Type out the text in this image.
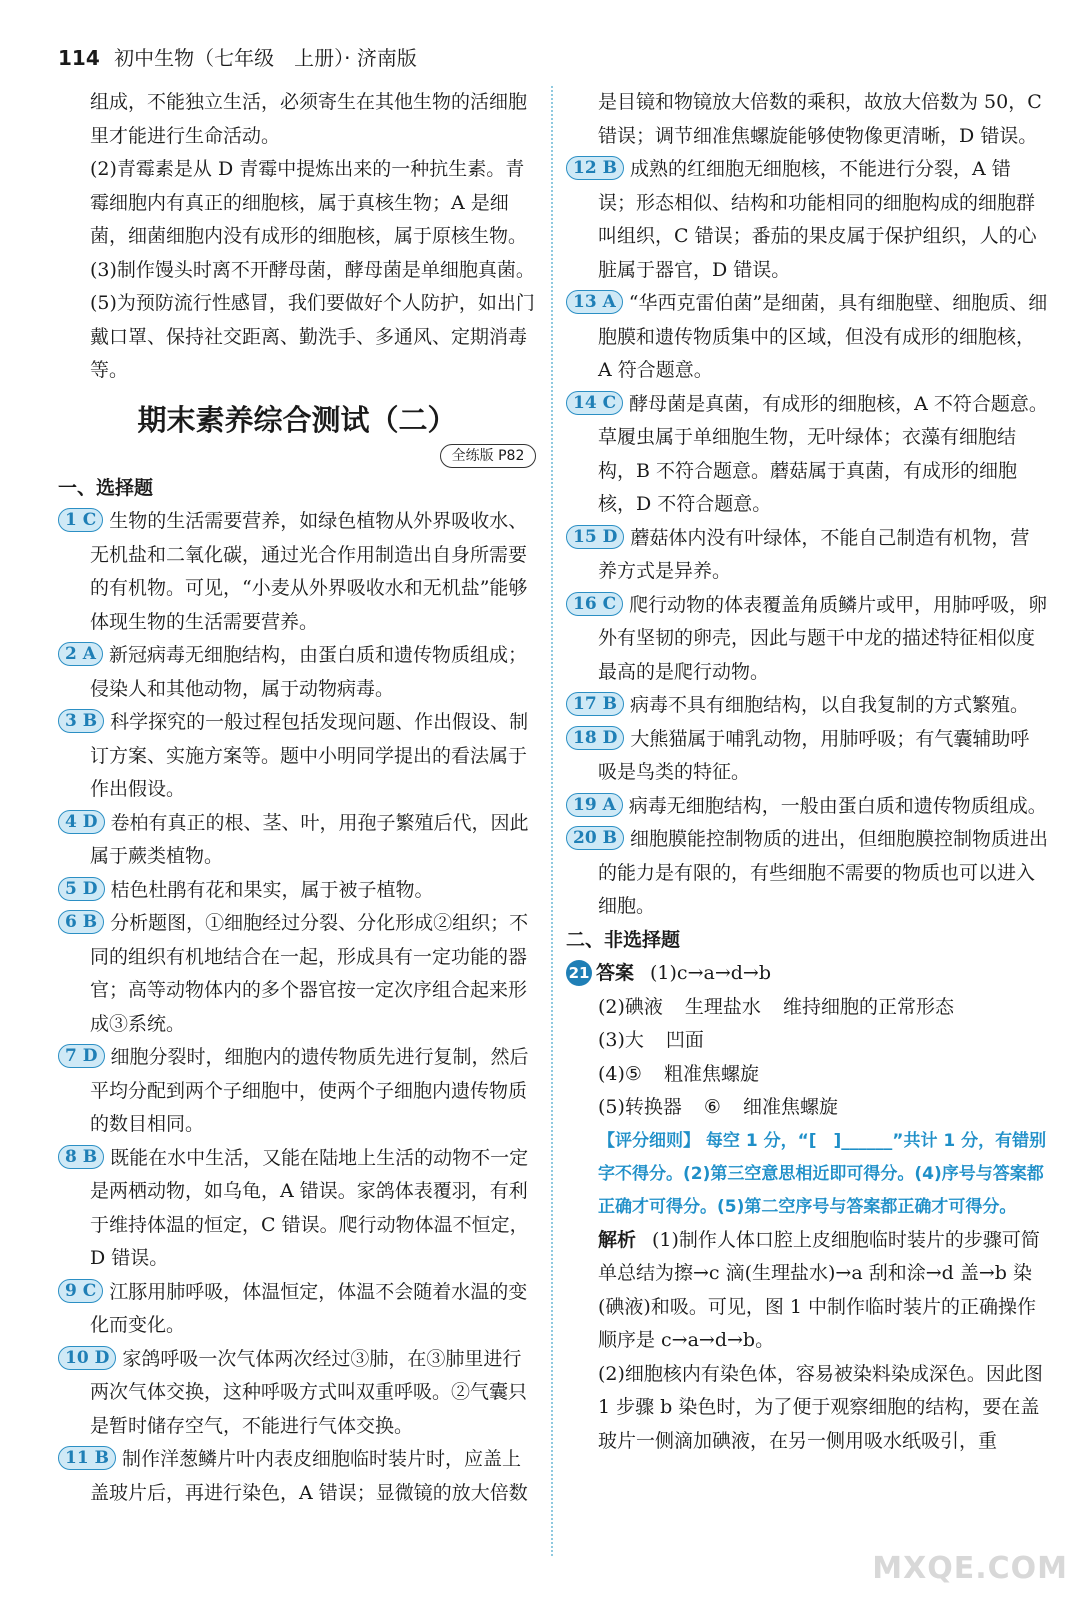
114 初中生物（七年级　上册）· 济南版
组成，不能独立生活，必须寄生在其他生物的活细胞里才能进行生命活动。
(2)青霉素是从 D 青霉中提炼出来的一种抗生素。青霉细胞内有真正的细胞核，属于真核生物；A 是细菌，细菌细胞内没有成形的细胞核，属于原核生物。
(3)制作馒头时离不开酵母菌，酵母菌是单细胞真菌。
(5)为预防流行性感冒，我们要做好个人防护，如出门戴口罩、保持社交距离、勤洗手、多通风、定期消毒等。
期末素养综合测试（二）
全练版 P82
一、选择题
1 C 生物的生活需要营养，如绿色植物从外界吸收水、无机盐和二氧化碳，通过光合作用制造出自身所需要的有机物。可见，“小麦从外界吸收水和无机盐”能够体现生物的生活需要营养。
2 A 新冠病毒无细胞结构，由蛋白质和遗传物质组成；侵染人和其他动物，属于动物病毒。
3 B 科学探究的一般过程包括发现问题、作出假设、制订方案、实施方案等。题中小明同学提出的看法属于作出假设。
4 D 卷柏有真正的根、茎、叶，用孢子繁殖后代，因此属于蕨类植物。
5 D 桔色杜鹃有花和果实，属于被子植物。
6 B 分析题图，①细胞经过分裂、分化形成②组织；不同的组织有机地结合在一起，形成具有一定功能的器官；高等动物体内的多个器官按一定次序组合起来形成③系统。
7 D 细胞分裂时，细胞内的遗传物质先进行复制，然后平均分配到两个子细胞中，使两个子细胞内遗传物质的数目相同。
8 B 既能在水中生活，又能在陆地上生活的动物不一定是两栖动物，如乌龟，A 错误。家鸽体表覆羽，有利于维持体温的恒定，C 错误。爬行动物体温不恒定，D 错误。
9 C 江豚用肺呼吸，体温恒定，体温不会随着水温的变化而变化。
10 D 家鸽呼吸一次气体两次经过③肺，在③肺里进行两次气体交换，这种呼吸方式叫双重呼吸。②气囊只是暂时储存空气，不能进行气体交换。
11 B 制作洋葱鳞片叶内表皮细胞临时装片时，应盖上盖玻片后，再进行染色，A 错误；显微镜的放大倍数
是目镜和物镜放大倍数的乘积，故放大倍数为 50，C 错误；调节细准焦螺旋能够使物像更清晰，D 错误。
12 B 成熟的红细胞无细胞核，不能进行分裂，A 错误；形态相似、结构和功能相同的细胞构成的细胞群叫组织，C 错误；番茄的果皮属于保护组织，人的心脏属于器官，D 错误。
13 A “华西克雷伯菌”是细菌，具有细胞壁、细胞质、细胞膜和遗传物质集中的区域，但没有成形的细胞核，A 符合题意。
14 C 酵母菌是真菌，有成形的细胞核，A 不符合题意。草履虫属于单细胞生物，无叶绿体；衣藻有细胞结构，B 不符合题意。蘑菇属于真菌，有成形的细胞核，D 不符合题意。
15 D 蘑菇体内没有叶绿体，不能自己制造有机物，营养方式是异养。
16 C 爬行动物的体表覆盖角质鳞片或甲，用肺呼吸，卵外有坚韧的卵壳，因此与题干中龙的描述特征相似度最高的是爬行动物。
17 B 病毒不具有细胞结构，以自我复制的方式繁殖。
18 D 大熊猫属于哺乳动物，用肺呼吸；有气囊辅助呼吸是鸟类的特征。
19 A 病毒无细胞结构，一般由蛋白质和遗传物质组成。
20 B 细胞膜能控制物质的进出，但细胞膜控制物质进出的能力是有限的，有些细胞不需要的物质也可以进入细胞。
二、非选择题
21 答案 (1)c→a→d→b
(2)碘液 生理盐水 维持细胞的正常形态
(3)大 凹面
(4)⑤ 粗准焦螺旋
(5)转换器 ⑥ 细准焦螺旋
【评分细则】 每空 1 分，“[　]______”共计 1 分，有错别字不得分。(2)第三空意思相近即可得分。(4)序号与答案都正确才可得分。(5)第二空序号与答案都正确才可得分。
解析 (1)制作人体口腔上皮细胞临时装片的步骤可简单总结为擦→c 滴(生理盐水)→a 刮和涂→d 盖→b 染(碘液)和吸。可见，图 1 中制作临时装片的正确操作顺序是 c→a→d→b。
(2)细胞核内有染色体，容易被染料染成深色。因此图 1 步骤 b 染色时，为了便于观察细胞的结构，要在盖玻片一侧滴加碘液，在另一侧用吸水纸吸引，重
MXQE.COM
